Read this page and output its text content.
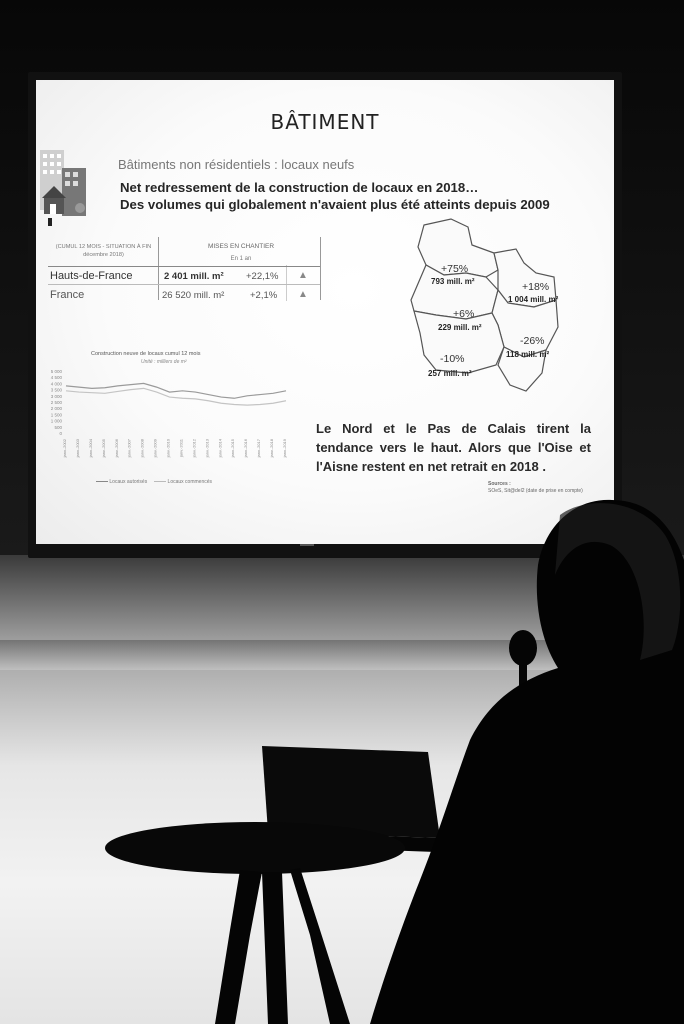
BÂTIMENT
Bâtiments non résidentiels : locaux neufs
Net redressement de la construction de locaux en 2018…
Des volumes qui globalement n'avaient plus été atteints depuis 2009
(CUMUL 12 MOIS - SITUATION À FIN décembre 2018)
MISES EN CHANTIER
En 1 an
Hauts-de-France	2 401 mill. m² +22,1% ▲
France	26 520 mill. m²	+2,1% ▲
Construction neuve de locaux cumul 12 mois
Unité : milliers de m²
5 000
4 500
4 000
3 500
3 000
2 500
2 000
1 500
1 000
500
0
janv.-2002 janv.-2003 janv.-2004 janv.-2005 janv.-2006 janv.-2007 janv.-2008 janv.-2009 janv.-2010 janv.-2011 janv.-2012 janv.-2013 janv.-2014 janv.-2015 janv.-2016 janv.-2017 janv.-2018 janv.-2019
Locaux autorisés	Locaux commencés
+75%
793 mill. m²	+18%
1 004 mill. m²
+6%
229 mill. m²
-26%
118 mill. m²
-10%
257 mill. m²
Le Nord et le Pas de Calais tirent la tendance vers le haut. Alors que l'Oise et l'Aisne restent en net retrait en 2018 .
Sources :
SOeS, Sit@del2 (date de prise en compte)
